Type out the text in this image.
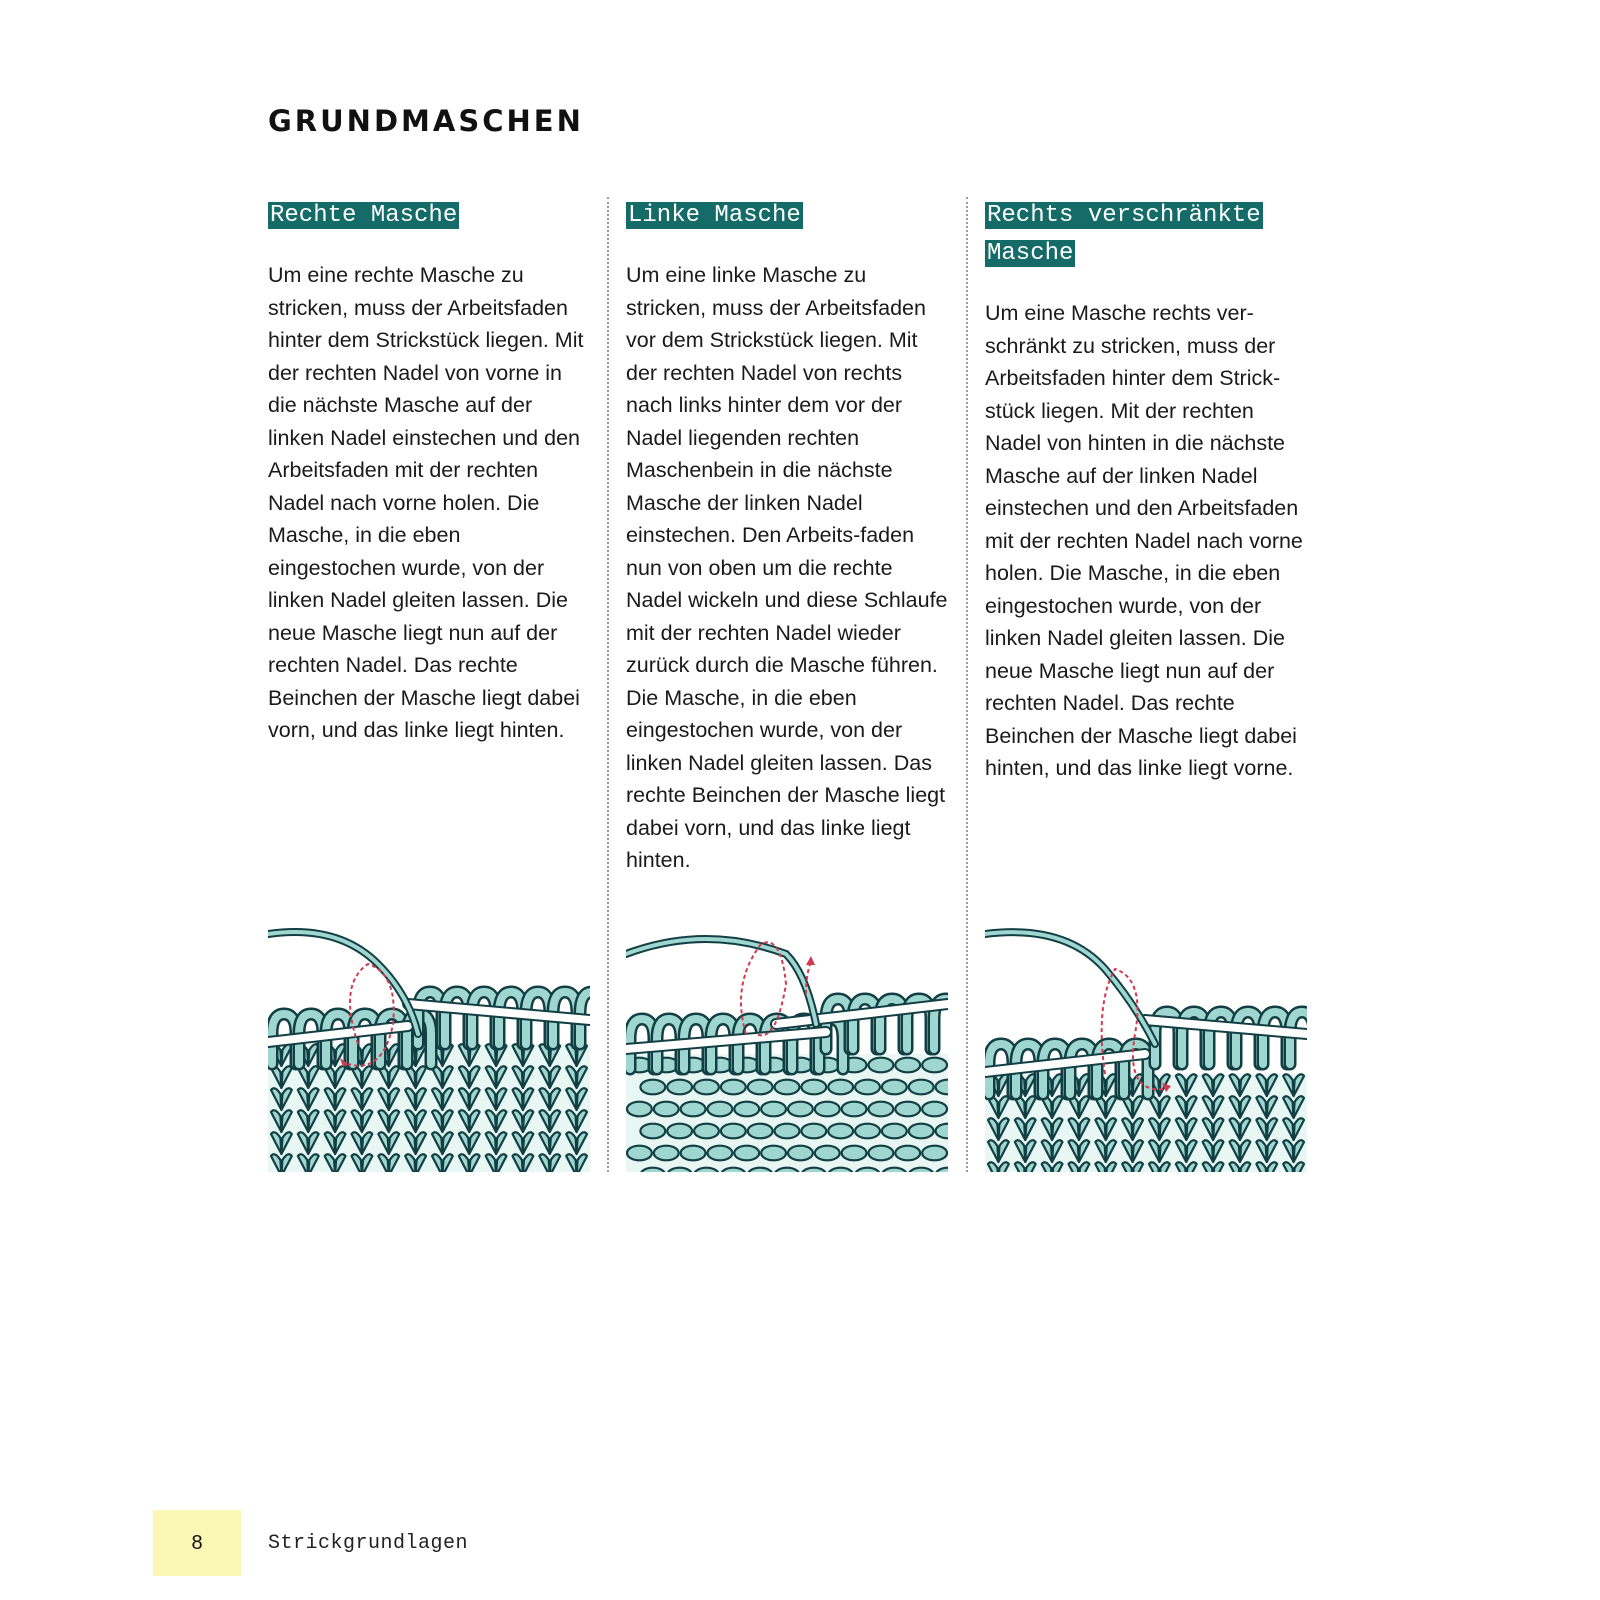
GRUNDMASCHEN
Rechte Masche
Um eine rechte Masche zu stricken, muss der Arbeitsfaden hinter dem Strickstück liegen. Mit der rechten Nadel von vorne in die nächste Masche auf der linken Nadel einstechen und den Arbeitsfaden mit der rechten Nadel nach vorne holen. Die Masche, in die eben eingestochen wurde, von der linken Nadel gleiten lassen. Die neue Masche liegt nun auf der rechten Nadel. Das rechte Beinchen der Masche liegt dabei vorn, und das linke liegt hinten.
Linke Masche
Um eine linke Masche zu stricken, muss der Arbeitsfaden vor dem Strickstück liegen. Mit der rechten Nadel von rechts nach links hinter dem vor der Nadel liegenden rechten Maschenbein in die nächste Masche der linken Nadel einstechen. Den Arbeits-faden nun von oben um die rechte Nadel wickeln und diese Schlaufe mit der rechten Nadel wieder zurück durch die Masche führen. Die Masche, in die eben eingestochen wurde, von der linken Nadel gleiten lassen. Das rechte Beinchen der Masche liegt dabei vorn, und das linke liegt hinten.
Rechts verschränkte Masche
Um eine Masche rechts ver-schränkt zu stricken, muss der Arbeitsfaden hinter dem Strick-stück liegen. Mit der rechten Nadel von hinten in die nächste Masche auf der linken Nadel einstechen und den Arbeitsfaden mit der rechten Nadel nach vorne holen. Die Masche, in die eben eingestochen wurde, von der linken Nadel gleiten lassen. Die neue Masche liegt nun auf der rechten Nadel. Das rechte Beinchen der Masche liegt dabei hinten, und das linke liegt vorne.
8	Strickgrundlagen
